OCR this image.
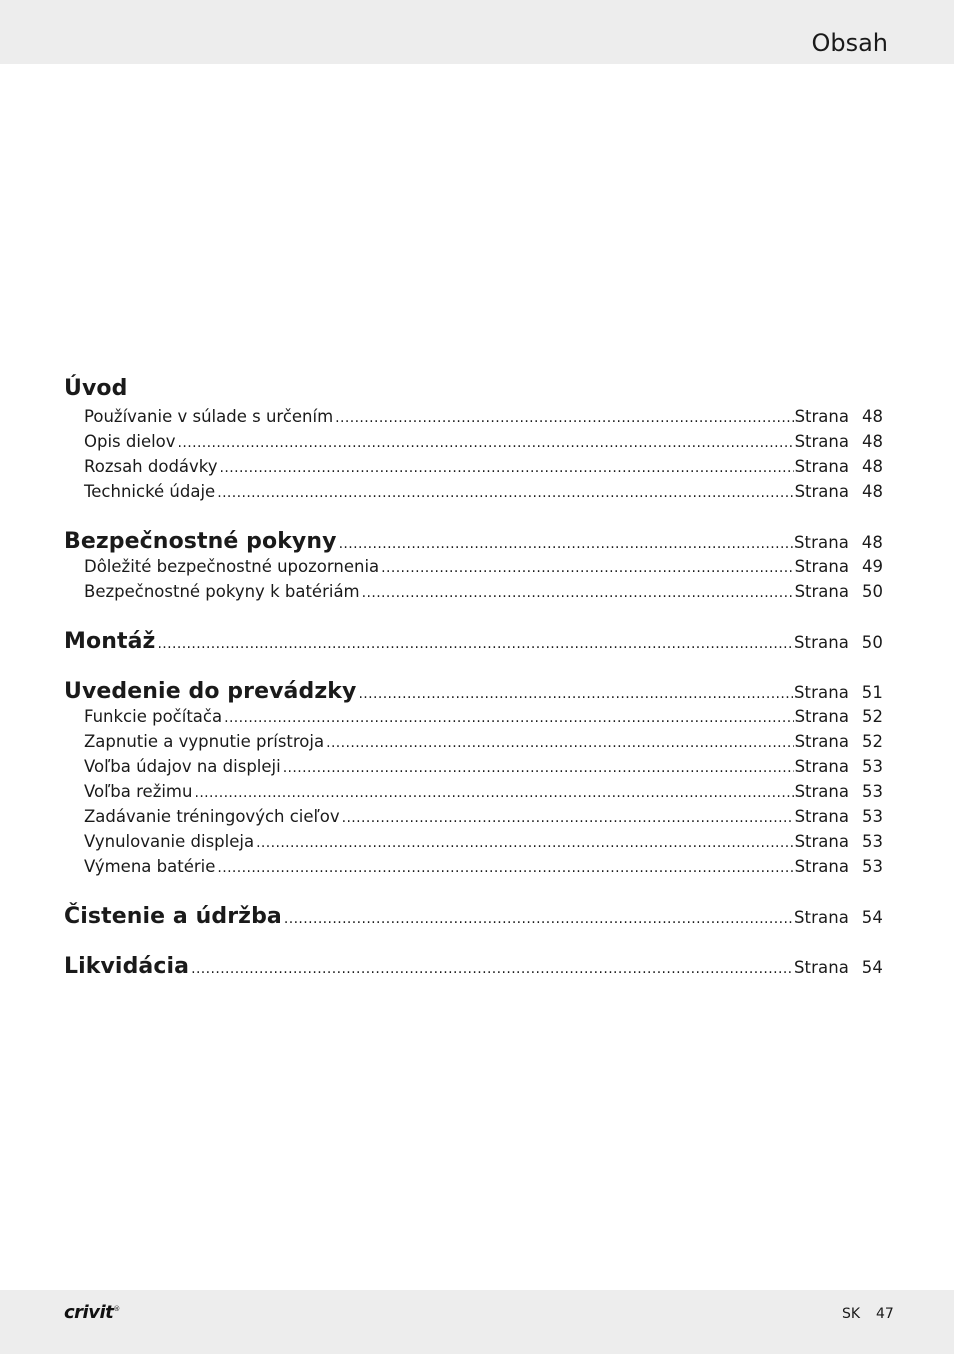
Obsah
Úvod
Používanie v súlade s určením .....	Strana 48
Opis dielov .....	Strana 48
Rozsah dodávky .....	Strana 48
Technické údaje .....	Strana 48
Bezpečnostné pokyny .....	Strana 48
Dôležité bezpečnostné upozornenia .....	Strana 49
Bezpečnostné pokyny k batériám .....	Strana 50
Montáž .....	Strana 50
Uvedenie do prevádzky .....	Strana 51
Funkcie počítača .....	Strana 52
Zapnutie a vypnutie prístroja .....	Strana 52
Voľba údajov na displeji .....	Strana 53
Voľba režimu .....	Strana 53
Zadávanie tréningových cieľov .....	Strana 53
Vynulovanie displeja .....	Strana 53
Výmena batérie .....	Strana 53
Čistenie a údržba .....	Strana 54
Likvidácia .....	Strana 54
crivit®	SK 47
